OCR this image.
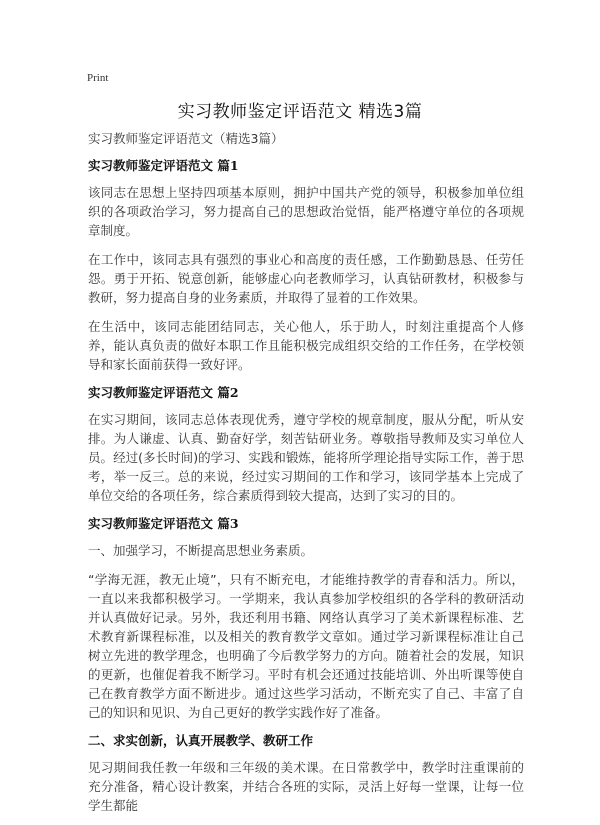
Print
实习教师鉴定评语范文 精选3篇
实习教师鉴定评语范文（精选3篇）
实习教师鉴定评语范文 篇1

该同志在思想上坚持四项基本原则，拥护中国共产党的领导，积极参加单位组织的各项政治学习，努力提高自己的思想政治觉悟，能严格遵守单位的各项规章制度。

在工作中，该同志具有强烈的事业心和高度的责任感，工作勤勤恳恳、任劳任怨。勇于开拓、锐意创新，能够虚心向老教师学习，认真钻研教材，积极参与教研，努力提高自身的业务素质，并取得了显着的工作效果。

在生活中，该同志能团结同志，关心他人，乐于助人，时刻注重提高个人修养，能认真负责的做好本职工作且能积极完成组织交给的工作任务，在学校领导和家长面前获得一致好评。

实习教师鉴定评语范文 篇2

在实习期间，该同志总体表现优秀，遵守学校的规章制度，服从分配，听从安排。为人谦虚、认真、勤奋好学，刻苦钻研业务。尊敬指导教师及实习单位人员。经过(多长时间)的学习、实践和锻炼，能将所学理论指导实际工作，善于思考，举一反三。总的来说，经过实习期间的工作和学习，该同学基本上完成了单位交给的各项任务，综合素质得到较大提高，达到了实习的目的。

实习教师鉴定评语范文 篇3

一、加强学习，不断提高思想业务素质。

“学海无涯，教无止境”，只有不断充电，才能维持教学的青春和活力。所以，一直以来我都积极学习。一学期来，我认真参加学校组织的各学科的教研活动并认真做好记录。另外，我还利用书籍、网络认真学习了美术新课程标准、艺术教育新课程标准，以及相关的教育教学文章如。通过学习新课程标准让自己树立先进的教学理念，也明确了今后教学努力的方向。随着社会的发展，知识的更新，也催促着我不断学习。平时有机会还通过技能培训、外出听课等使自己在教育教学方面不断进步。通过这些学习活动，不断充实了自己、丰富了自己的知识和见识、为自己更好的教学实践作好了准备。

二、求实创新，认真开展教学、教研工作

见习期间我任教一年级和三年级的美术课。在日常教学中，教学时注重课前的充分准备，精心设计教案，并结合各班的实际，灵活上好每一堂课，让每一位学生都能
